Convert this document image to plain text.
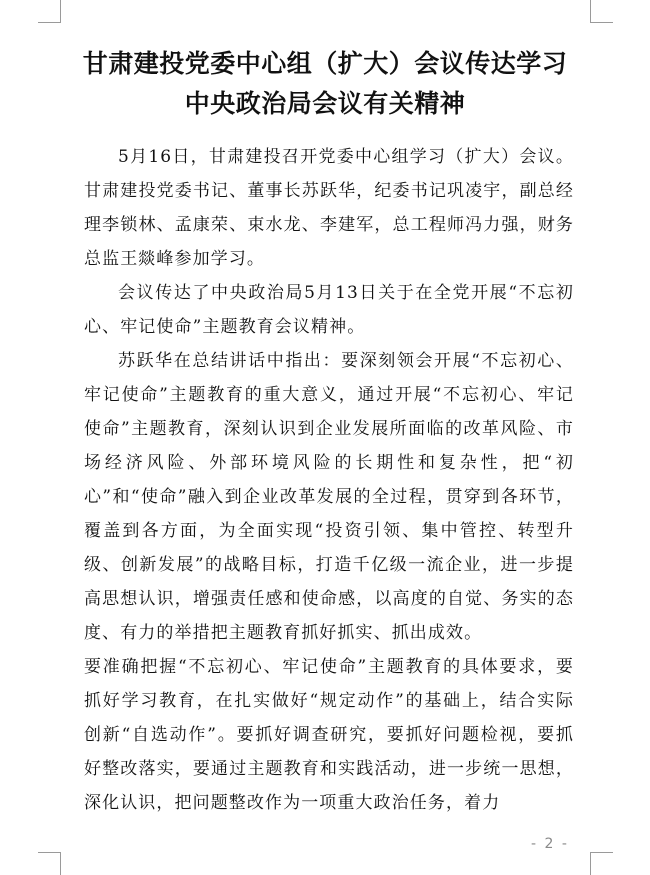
甘肃建投党委中心组（扩大）会议传达学习
中央政治局会议有关精神

5月16日，甘肃建投召开党委中心组学习（扩大）会议。甘肃建投党委书记、董事长苏跃华，纪委书记巩凌宇，副总经理李锁林、孟康荣、束水龙、李建军，总工程师冯力强，财务总监王燚峰参加学习。

会议传达了中央政治局5月13日关于在全党开展“不忘初心、牢记使命”主题教育会议精神。

苏跃华在总结讲话中指出：要深刻领会开展“不忘初心、牢记使命”主题教育的重大意义，通过开展“不忘初心、牢记使命”主题教育，深刻认识到企业发展所面临的改革风险、市场经济风险、外部环境风险的长期性和复杂性，把“初心”和“使命”融入到企业改革发展的全过程，贯穿到各环节，覆盖到各方面，为全面实现“投资引领、集中管控、转型升级、创新发展”的战略目标，打造千亿级一流企业，进一步提高思想认识，增强责任感和使命感，以高度的自觉、务实的态度、有力的举措把主题教育抓好抓实、抓出成效。

要准确把握“不忘初心、牢记使命”主题教育的具体要求，要抓好学习教育，在扎实做好“规定动作”的基础上，结合实际创新“自选动作”。要抓好调查研究，要抓好问题检视，要抓好整改落实，要通过主题教育和实践活动，进一步统一思想，深化认识，把问题整改作为一项重大政治任务，着力

- 2 -
